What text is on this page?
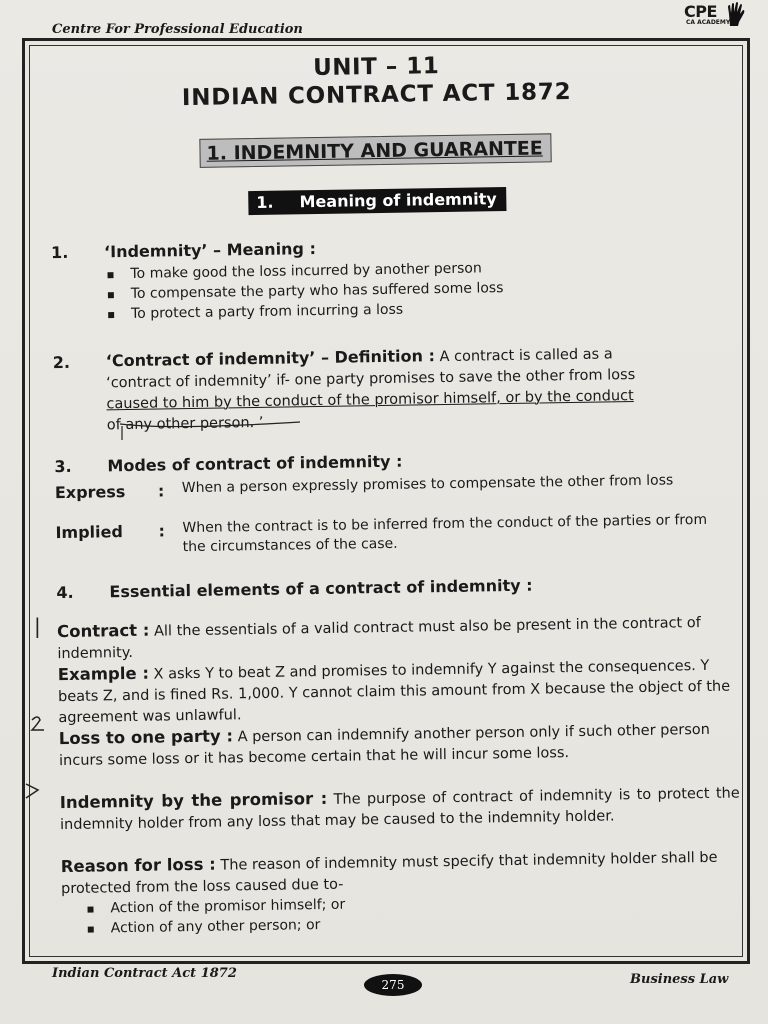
Centre For Professional Education
CPE
CA ACADEMY
UNIT – 11
INDIAN CONTRACT ACT 1872
1. INDEMNITY AND GUARANTEE
1. Meaning of indemnity
1. ‘Indemnity’ – Meaning :
▪ To make good the loss incurred by another person
▪ To compensate the party who has suffered some loss
▪ To protect a party from incurring a loss
2. ‘Contract of indemnity’ – Definition : A contract is called as a
‘contract of indemnity’ if- one party promises to save the other from loss
caused to him by the conduct of the promisor himself, or by the conduct
of any other person. ’
3. Modes of contract of indemnity :
Express : When a person expressly promises to compensate the other from loss
Implied : When the contract is to be inferred from the conduct of the parties or from the circumstances of the case.
4. Essential elements of a contract of indemnity :
Contract : All the essentials of a valid contract must also be present in the contract of indemnity.
Example : X asks Y to beat Z and promises to indemnify Y against the consequences. Y beats Z, and is fined Rs. 1,000. Y cannot claim this amount from X because the object of the agreement was unlawful.
Loss to one party : A person can indemnify another person only if such other person incurs some loss or it has become certain that he will incur some loss.
Indemnity by the promisor : The purpose of contract of indemnity is to protect the indemnity holder from any loss that may be caused to the indemnity holder.
Reason for loss : The reason of indemnity must specify that indemnity holder shall be protected from the loss caused due to-
▪ Action of the promisor himself; or
▪ Action of any other person; or
|
Indian Contract Act 1872
275	Business Law
